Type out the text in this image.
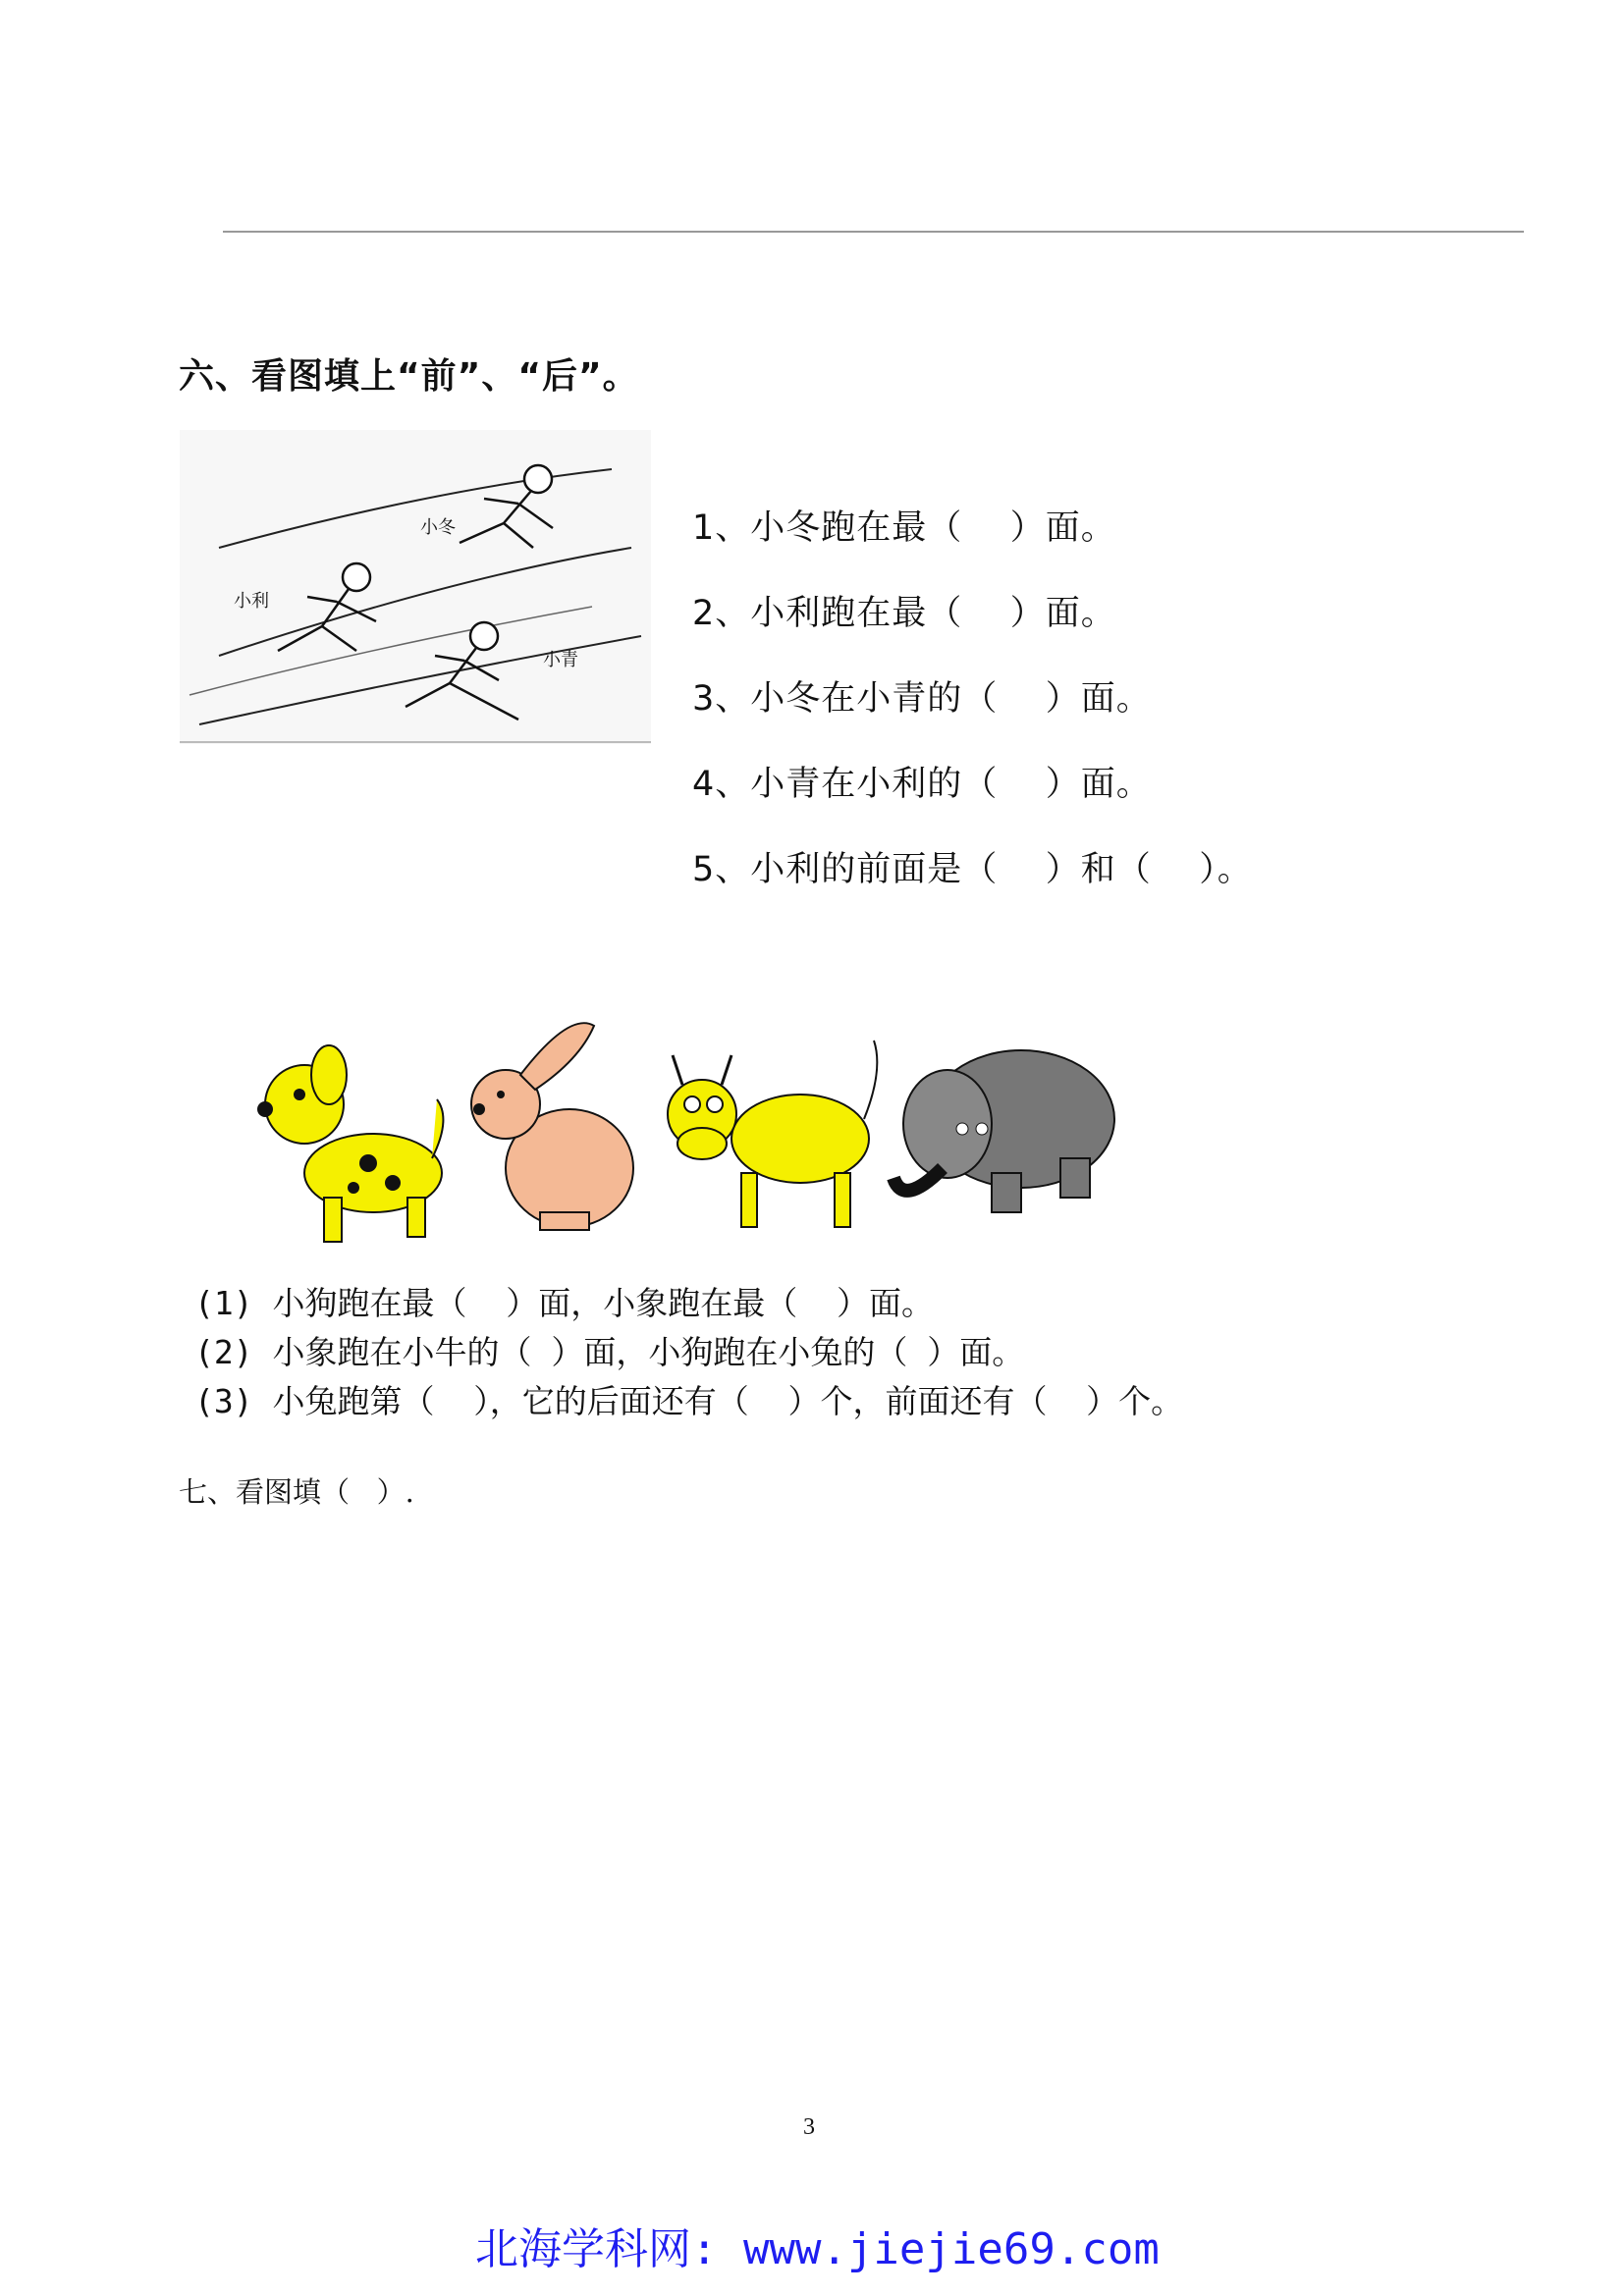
六、看图填上“前”、“后”。
小冬
小利
小青
1、小冬跑在最（    ）面。
2、小利跑在最（    ）面。
3、小冬在小青的（    ）面。
4、小青在小利的（    ）面。
5、小利的前面是（    ）和（    ）。
(1) 小狗跑在最（  ）面，小象跑在最（  ）面。
(2) 小象跑在小牛的（ ）面，小狗跑在小兔的（ ）面。
(3) 小兔跑第（  ），它的后面还有（  ）个，前面还有（  ）个。
七、看图填（   ）.
3
北海学科网: www.jiejie69.com
